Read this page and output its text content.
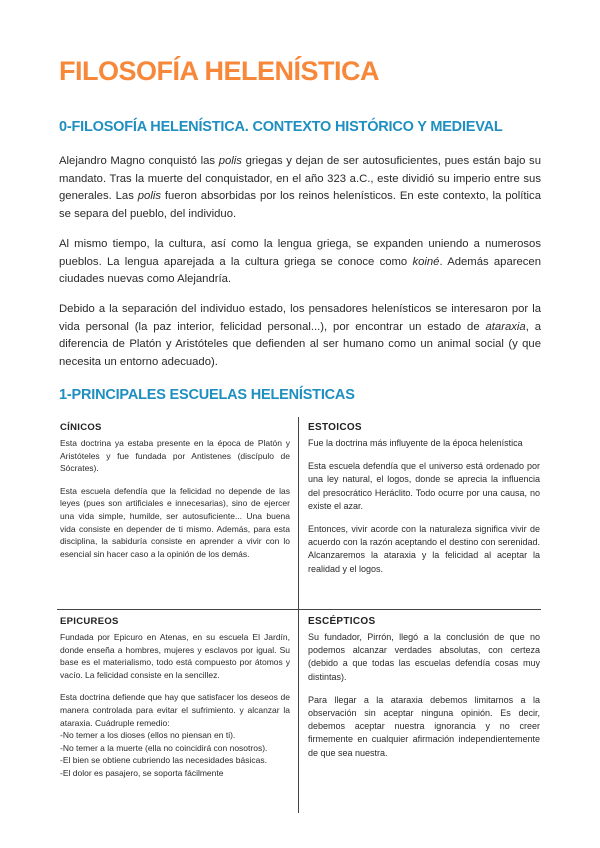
FILOSOFÍA HELENÍSTICA
0-FILOSOFÍA HELENÍSTICA. CONTEXTO HISTÓRICO Y MEDIEVAL

Alejandro Magno conquistó las polis griegas y dejan de ser autosuficientes, pues están bajo su mandato. Tras la muerte del conquistador, en el año 323 a.C., este dividió su imperio entre sus generales. Las polis fueron absorbidas por los reinos helenísticos. En este contexto, la política se separa del pueblo, del individuo.

Al mismo tiempo, la cultura, así como la lengua griega, se expanden uniendo a numerosos pueblos. La lengua aparejada a la cultura griega se conoce como koiné. Además aparecen ciudades nuevas como Alejandría.

Debido a la separación del individuo estado, los pensadores helenísticos se interesaron por la vida personal (la paz interior, felicidad personal...), por encontrar un estado de ataraxia, a diferencia de Platón y Aristóteles que defienden al ser humano como un animal social (y que necesita un entorno adecuado).

1-PRINCIPALES ESCUELAS HELENÍSTICAS
CÍNICOS

Esta doctrina ya estaba presente en la época de Platón y Aristóteles y fue fundada por Antistenes (discípulo de Sócrates).

Esta escuela defendía que la felicidad no depende de las leyes (pues son artificiales e innecesarias), sino de ejercer una vida simple, humilde, ser autosuficiente... Una buena vida consiste en depender de ti mismo. Además, para esta disciplina, la sabiduría consiste en aprender a vivir con lo esencial sin hacer caso a la opinión de los demás.

ESTOICOS

Fue la doctrina más influyente de la época helenística

Esta escuela defendía que el universo está ordenado por una ley natural, el logos, donde se aprecia la influencia del presocrático Heráclito. Todo ocurre por una causa, no existe el azar.

Entonces, vivir acorde con la naturaleza significa vivir de acuerdo con la razón aceptando el destino con serenidad. Alcanzaremos la ataraxia y la felicidad al aceptar la realidad y el logos.

EPICUREOS

Fundada por Epicuro en Atenas, en su escuela El Jardín, donde enseña a hombres, mujeres y esclavos por igual. Su base es el materialismo, todo está compuesto por átomos y vacío. La felicidad consiste en la sencillez.

Esta doctrina defiende que hay que satisfacer los deseos de manera controlada para evitar el sufrimiento. y alcanzar la ataraxia. Cuádruple remedio:

-No temer a los dioses (ellos no piensan en ti).
-No temer a la muerte (ella no coincidirá con nosotros).
-El bien se obtiene cubriendo las necesidades básicas.
-El dolor es pasajero, se soporta fácilmente
ESCÉPTICOS

Su fundador, Pirrón, llegó a la conclusión de que no podemos alcanzar verdades absolutas, con certeza (debido a que todas las escuelas defendía cosas muy distintas).

Para llegar a la ataraxia debemos limitarnos a la observación sin aceptar ninguna opinión. Es decir, debemos aceptar nuestra ignorancia y no creer firmemente en cualquier afirmación independientemente de que sea nuestra.
